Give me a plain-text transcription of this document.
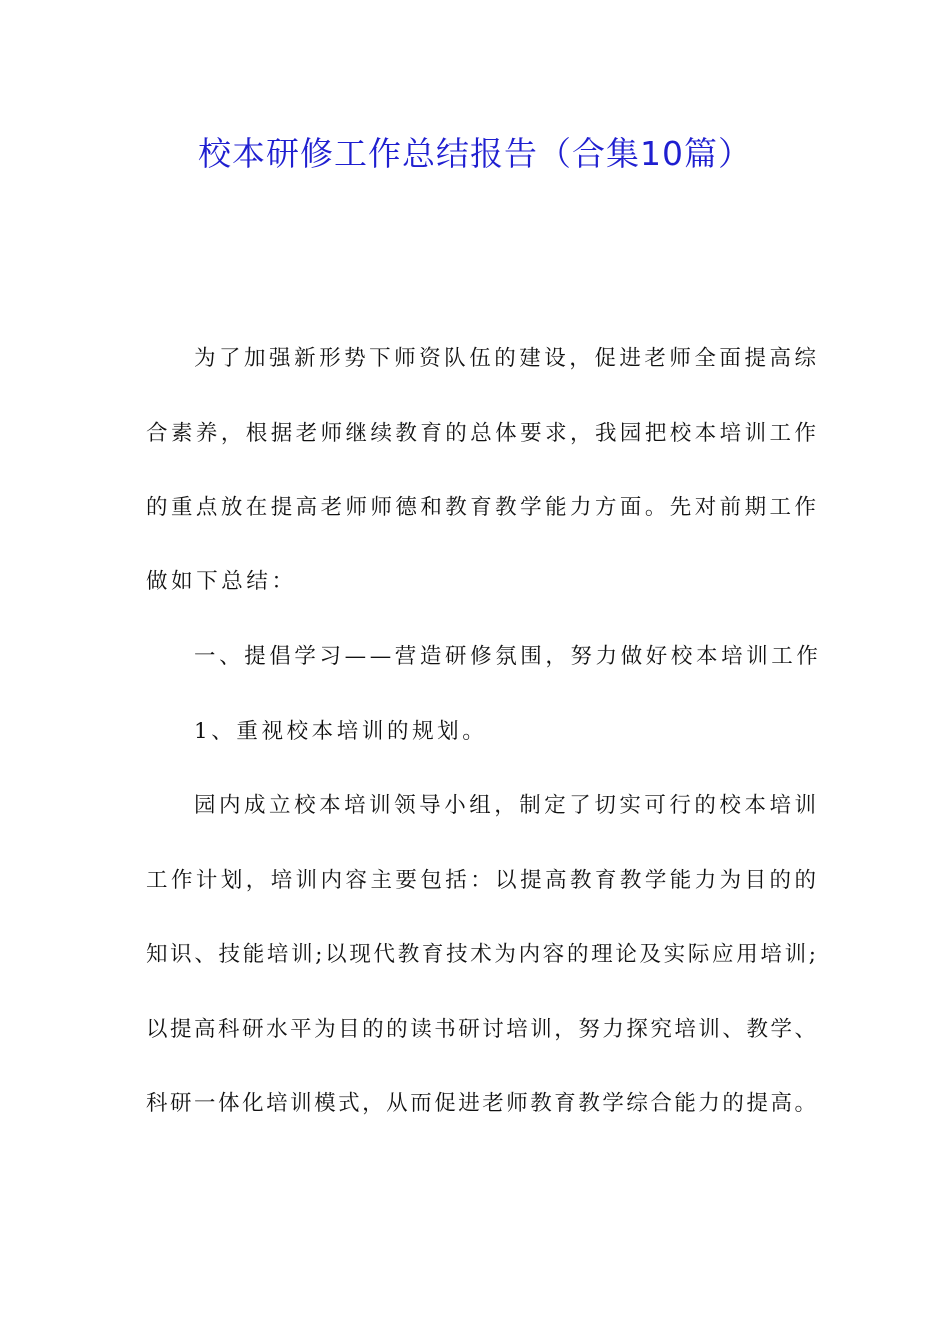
校本研修工作总结报告（合集10篇）
为了加强新形势下师资队伍的建设，促进老师全面提高综
合素养，根据老师继续教育的总体要求，我园把校本培训工作
的重点放在提高老师师德和教育教学能力方面。先对前期工作
做如下总结：
一、提倡学习——营造研修氛围，努力做好校本培训工作
1、重视校本培训的规划。
园内成立校本培训领导小组，制定了切实可行的校本培训
工作计划，培训内容主要包括：以提高教育教学能力为目的的
知识、技能培训;以现代教育技术为内容的理论及实际应用培训;
以提高科研水平为目的的读书研讨培训，努力探究培训、教学、
科研一体化培训模式，从而促进老师教育教学综合能力的提高。
